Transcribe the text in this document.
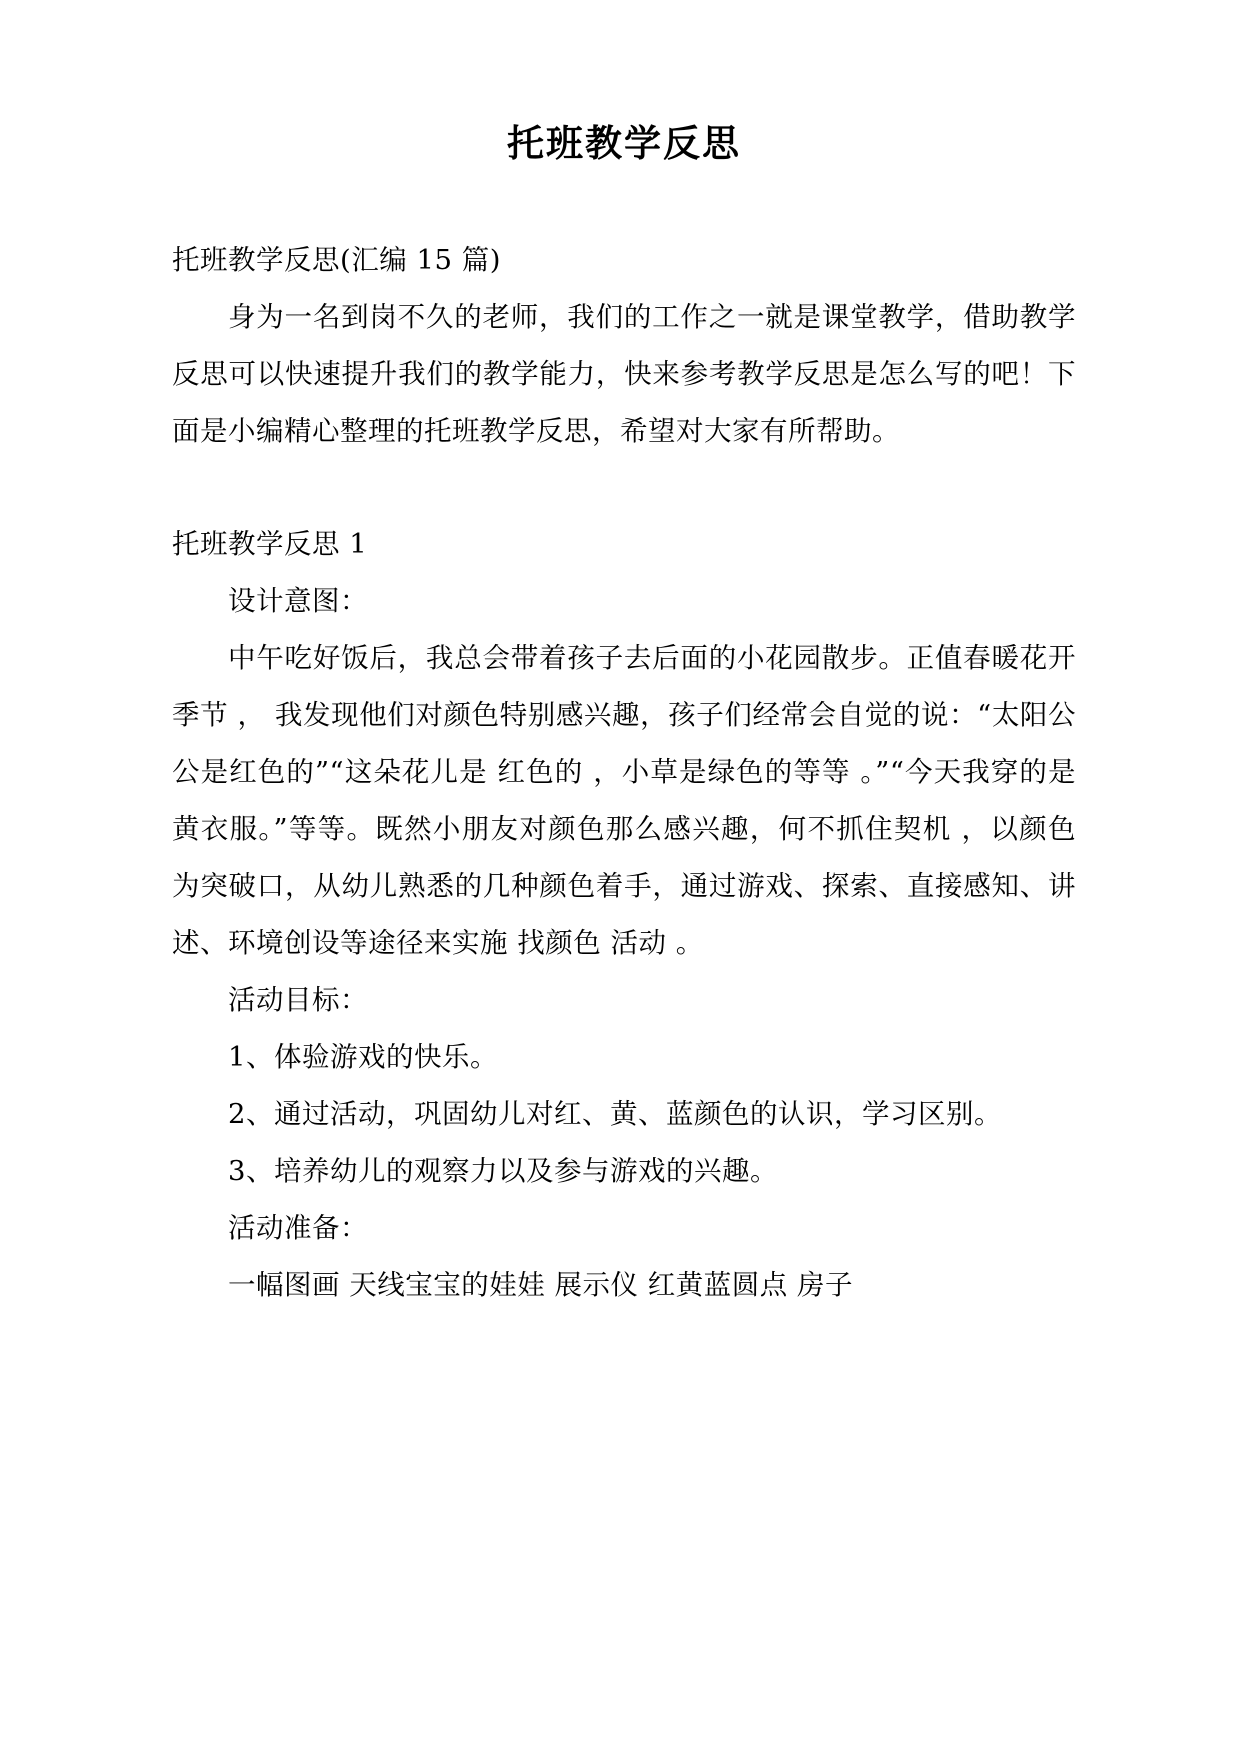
托班教学反思

托班教学反思(汇编 15 篇)

身为一名到岗不久的老师，我们的工作之一就是课堂教学，借助教学反思可以快速提升我们的教学能力，快来参考教学反思是怎么写的吧！下面是小编精心整理的托班教学反思，希望对大家有所帮助。

托班教学反思 1

设计意图：

中午吃好饭后，我总会带着孩子去后面的小花园散步。正值春暖花开季节 ， 我发现他们对颜色特别感兴趣，孩子们经常会自觉的说：“太阳公公是红色的”“这朵花儿是 红色的 ，小草是绿色的等等 。”“今天我穿的是黄衣服。”等等。既然小朋友对颜色那么感兴趣，何不抓住契机 ，以颜色为突破口，从幼儿熟悉的几种颜色着手，通过游戏、探索、直接感知、讲述、环境创设等途径来实施 找颜色 活动 。

活动目标：

1、体验游戏的快乐。

2、通过活动，巩固幼儿对红、黄、蓝颜色的认识，学习区别。

3、培养幼儿的观察力以及参与游戏的兴趣。

活动准备：

一幅图画 天线宝宝的娃娃 展示仪 红黄蓝圆点 房子
